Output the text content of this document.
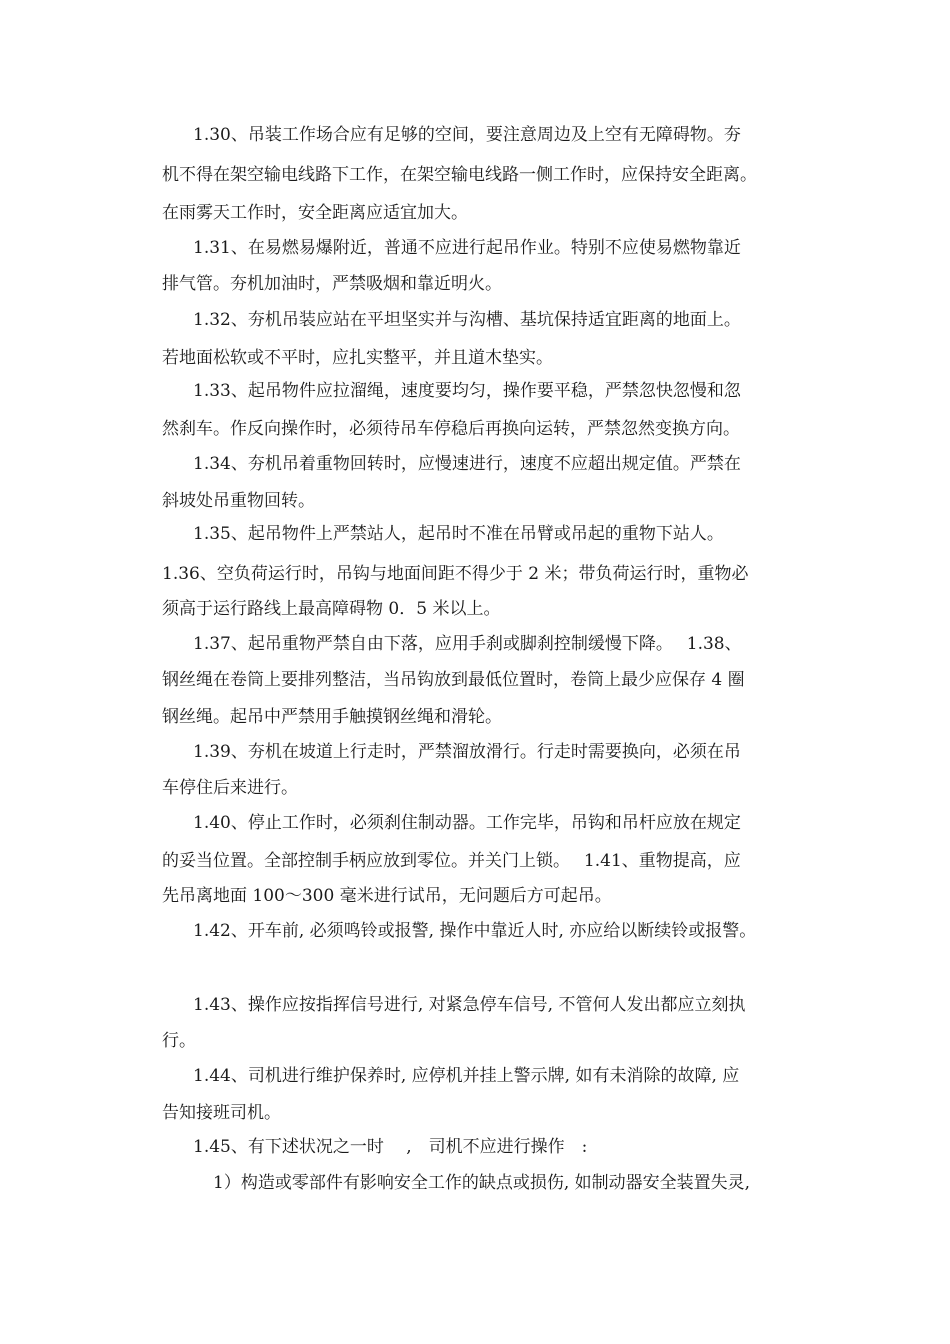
1.30、吊装工作场合应有足够的空间，要注意周边及上空有无障碍物。夯
机不得在架空输电线路下工作，在架空输电线路一侧工作时，应保持安全距离。
在雨雾天工作时，安全距离应适宜加大。
1.31、在易燃易爆附近，普通不应进行起吊作业。特别不应使易燃物靠近
排气管。夯机加油时，严禁吸烟和靠近明火。
1.32、夯机吊装应站在平坦坚实并与沟槽、基坑保持适宜距离的地面上。
若地面松软或不平时，应扎实整平，并且道木垫实。
1.33、起吊物件应拉溜绳，速度要均匀，操作要平稳，严禁忽快忽慢和忽
然刹车。作反向操作时，必须待吊车停稳后再换向运转，严禁忽然变换方向。
1.34、夯机吊着重物回转时，应慢速进行，速度不应超出规定值。严禁在
斜坡处吊重物回转。
1.35、起吊物件上严禁站人，起吊时不准在吊臂或吊起的重物下站人。
1.36、空负荷运行时，吊钩与地面间距不得少于 2 米；带负荷运行时，重物必
须高于运行路线上最高障碍物 0．5 米以上。
1.37、起吊重物严禁自由下落，应用手刹或脚刹控制缓慢下降。　 1.38、
钢丝绳在卷筒上要排列整洁，当吊钩放到最低位置时，卷筒上最少应保存 4 圈
钢丝绳。起吊中严禁用手触摸钢丝绳和滑轮。
1.39、夯机在坡道上行走时，严禁溜放滑行。行走时需要换向，必须在吊
车停住后来进行。
1.40、停止工作时，必须刹住制动器。工作完毕，吊钩和吊杆应放在规定
的妥当位置。全部控制手柄应放到零位。并关门上锁。　 1.41、重物提高，应
先吊离地面 100～300 毫米进行试吊，无问题后方可起吊。
1.42、开车前, 必须鸣铃或报警, 操作中靠近人时, 亦应给以断续铃或报警。
1.43、操作应按指挥信号进行, 对紧急停车信号, 不管何人发出都应立刻执
行。
1.44、司机进行维护保养时, 应停机并挂上警示牌, 如有未消除的故障, 应
告知接班司机。
1.45、有下述状况之一时　 ,　司机不应进行操作　:
1）构造或零部件有影响安全工作的缺点或损伤, 如制动器安全装置失灵,
